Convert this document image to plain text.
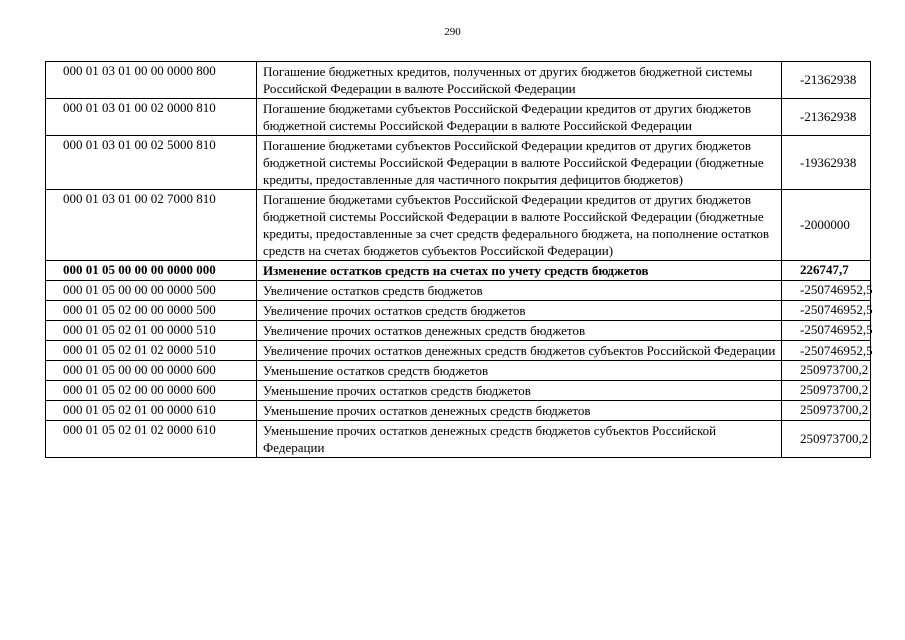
290
000 01 03 01 00 00 0000 800	Погашение бюджетных кредитов, полученных от других бюджетов бюджетной системы Российской Федерации в валюте Российской Федерации	-21362938
000 01 03 01 00 02 0000 810	Погашение бюджетами субъектов Российской Федерации кредитов от других бюджетов бюджетной системы Российской Федерации в валюте Российской Федерации	-21362938
000 01 03 01 00 02 5000 810	Погашение бюджетами субъектов Российской Федерации кредитов от других бюджетов бюджетной системы Российской Федерации в валюте Российской Федерации (бюджетные кредиты, предоставленные для частичного покрытия дефицитов бюджетов)	-19362938
000 01 03 01 00 02 7000 810	Погашение бюджетами субъектов Российской Федерации кредитов от других бюджетов бюджетной системы Российской Федерации в валюте Российской Федерации (бюджетные кредиты, предоставленные за счет средств федерального бюджета, на пополнение остатков средств на счетах бюджетов субъектов Российской Федерации)	-2000000
000 01 05 00 00 00 0000 000	Изменение остатков средств на счетах по учету средств бюджетов	226747,7
000 01 05 00 00 00 0000 500	Увеличение остатков средств бюджетов	-250746952,5
000 01 05 02 00 00 0000 500	Увеличение прочих остатков средств бюджетов	-250746952,5
000 01 05 02 01 00 0000 510	Увеличение прочих остатков денежных средств бюджетов	-250746952,5
000 01 05 02 01 02 0000 510	Увеличение прочих остатков денежных средств бюджетов субъектов Российской Федерации	-250746952,5
000 01 05 00 00 00 0000 600	Уменьшение остатков средств бюджетов	250973700,2
000 01 05 02 00 00 0000 600	Уменьшение прочих остатков средств бюджетов	250973700,2
000 01 05 02 01 00 0000 610	Уменьшение прочих остатков денежных средств бюджетов	250973700,2
000 01 05 02 01 02 0000 610	Уменьшение прочих остатков денежных средств бюджетов субъектов Российской Федерации	250973700,2
